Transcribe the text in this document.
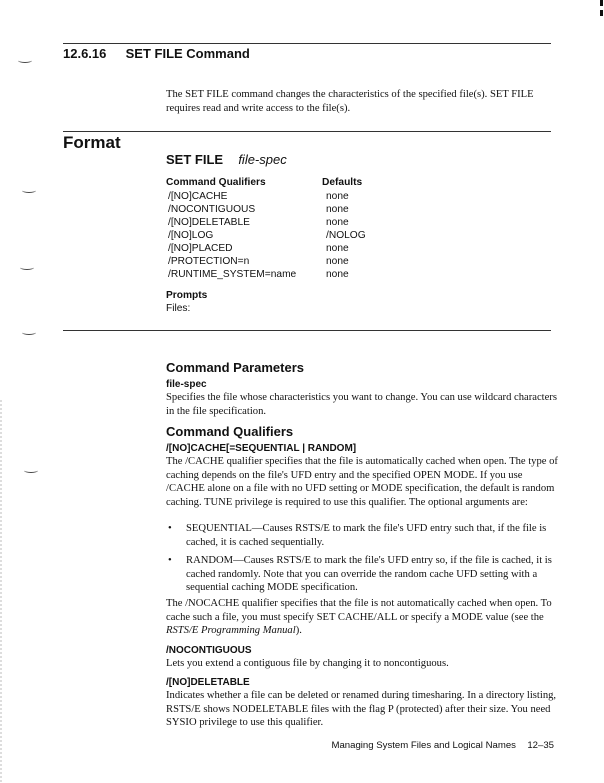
12.6.16 SET FILE Command
The SET FILE command changes the characteristics of the specified file(s). SET FILE requires read and write access to the file(s).
Format
SET FILE file-spec
Command Qualifiers	Defaults
/[NO]CACHE	none
/NOCONTIGUOUS	none
/[NO]DELETABLE	none
/[NO]LOG	/NOLOG
/[NO]PLACED	none
/PROTECTION=n	none
/RUNTIME_SYSTEM=name	none
Prompts
Files:
Command Parameters
file-spec
Specifies the file whose characteristics you want to change. You can use wildcard characters in the file specification.
Command Qualifiers
/[NO]CACHE[=SEQUENTIAL | RANDOM]
The /CACHE qualifier specifies that the file is automatically cached when open. The type of caching depends on the file's UFD entry and the specified OPEN MODE. If you use /CACHE alone on a file with no UFD setting or MODE specification, the default is random caching. TUNE privilege is required to use this qualifier. The optional arguments are:
• SEQUENTIAL—Causes RSTS/E to mark the file's UFD entry such that, if the file is cached, it is cached sequentially.
• RANDOM—Causes RSTS/E to mark the file's UFD entry so, if the file is cached, it is cached randomly. Note that you can override the random cache UFD setting with a sequential caching MODE specification.
The /NOCACHE qualifier specifies that the file is not automatically cached when open. To cache such a file, you must specify SET CACHE/ALL or specify a MODE value (see the RSTS/E Programming Manual).
/NOCONTIGUOUS
Lets you extend a contiguous file by changing it to noncontiguous.
/[NO]DELETABLE
Indicates whether a file can be deleted or renamed during timesharing. In a directory listing, RSTS/E shows NODELETABLE files with the flag P (protected) after their size. You need SYSIO privilege to use this qualifier.
Managing System Files and Logical Names 12–35
